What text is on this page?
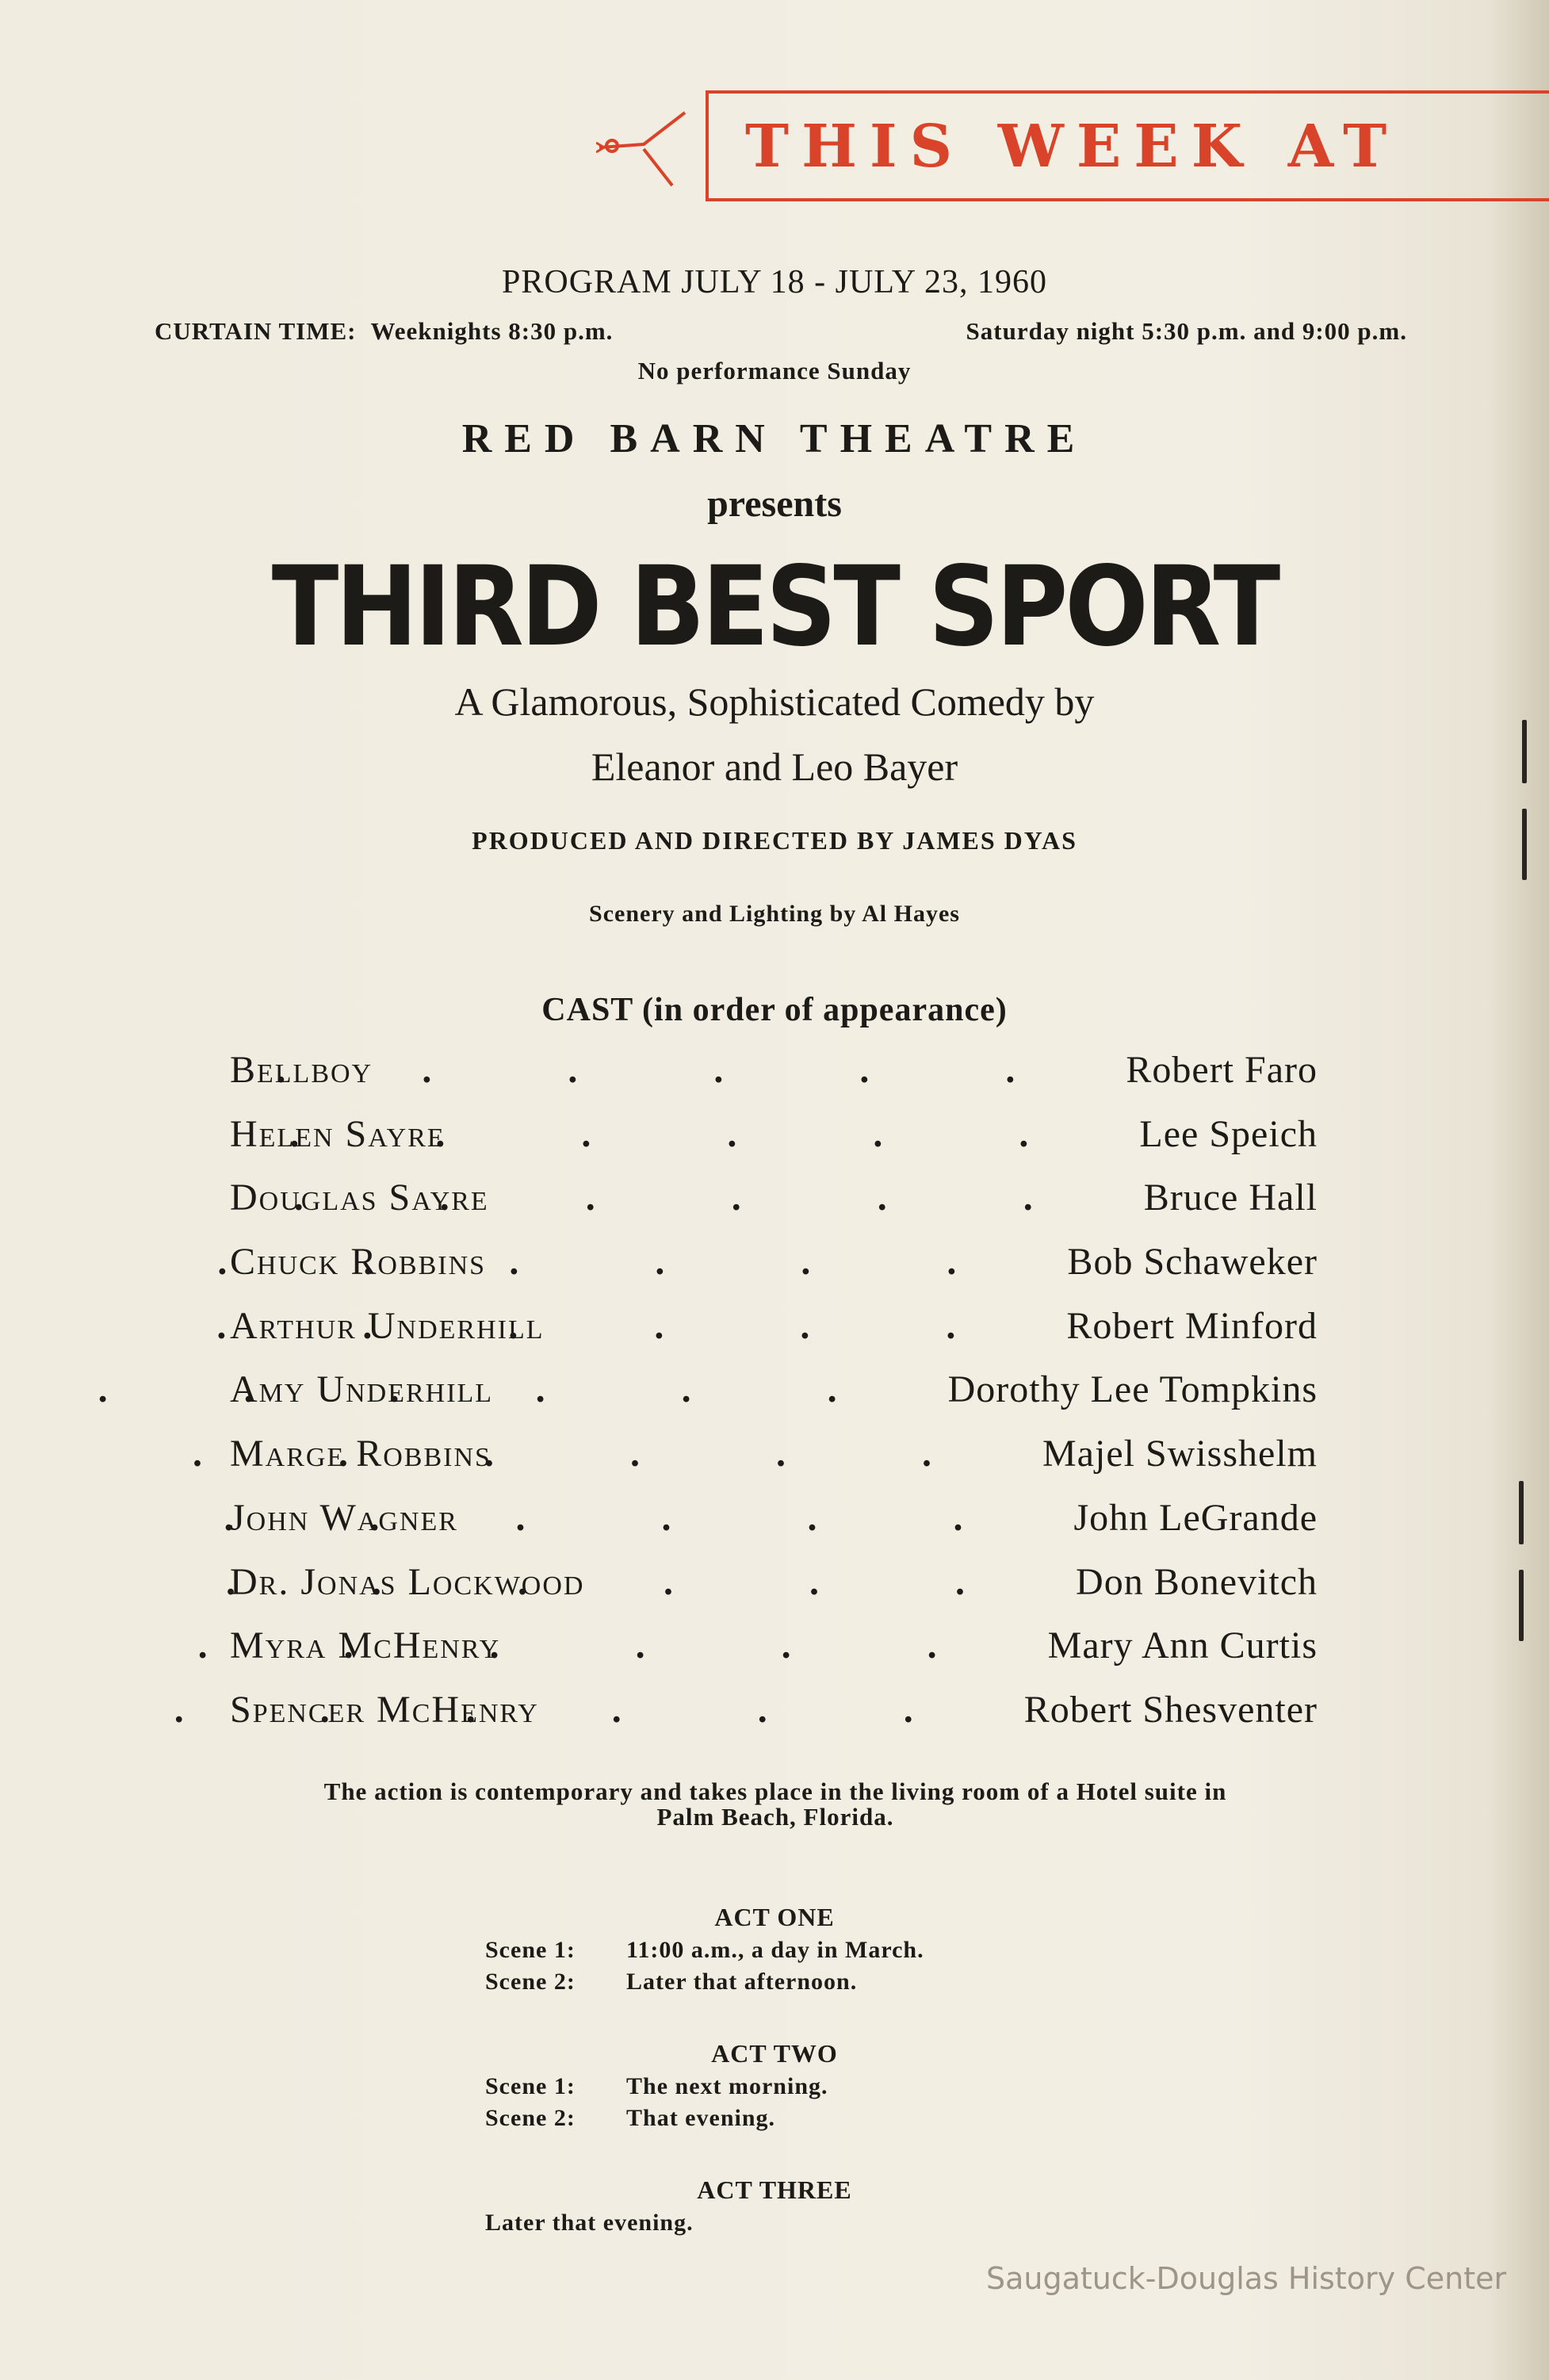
THIS WEEK AT
PROGRAM JULY 18 - JULY 23, 1960
CURTAIN TIME: Weeknights 8:30 p.m.	Saturday night 5:30 p.m. and 9:00 p.m.
No performance Sunday
RED BARN THEATRE
presents
THIRD BEST SPORT
A Glamorous, Sophisticated Comedy by
Eleanor and Leo Bayer
PRODUCED AND DIRECTED BY JAMES DYAS
Scenery and Lighting by Al Hayes
CAST (in order of appearance)
Bellboy . . .	Robert Faro
Helen Sayre . . .	Lee Speich
Douglas Sayre . . .	Bruce Hall
Chuck Robbins . . .	Bob Schaweker
Arthur Underhill . . .	Robert Minford
Amy Underhill . . .	Dorothy Lee Tompkins
Marge Robbins . . .	Majel Swisshelm
John Wagner . . .	John LeGrande
Dr. Jonas Lockwood . . .	Don Bonevitch
Myra McHenry . . .	Mary Ann Curtis
Spencer McHenry . . .	Robert Shesventer
The action is contemporary and takes place in the living room of a Hotel suite in
Palm Beach, Florida.
ACT ONE
Scene 1: 11:00 a.m., a day in March.
Scene 2: Later that afternoon.
ACT TWO
Scene 1: The next morning.
Scene 2: That evening.
ACT THREE
Later that evening.
Saugatuck-Douglas History Center
